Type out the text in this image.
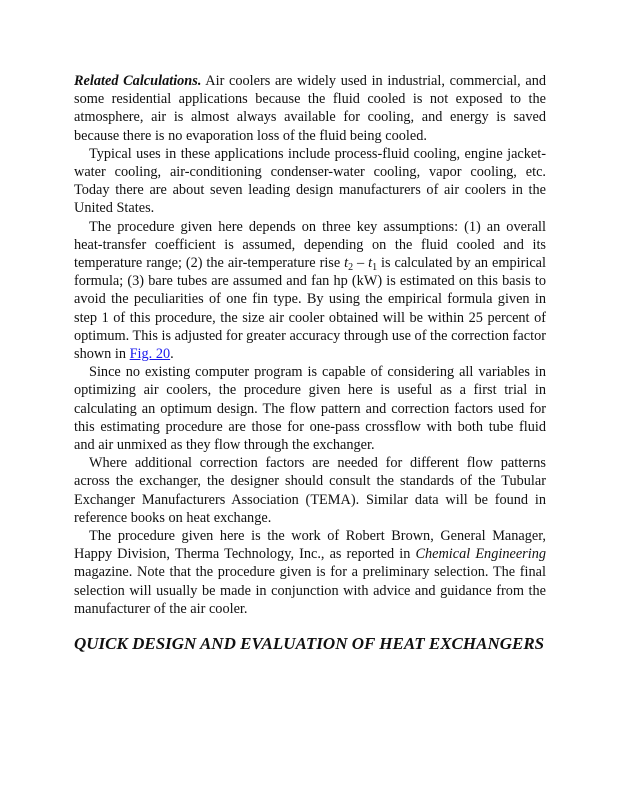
Related Calculations. Air coolers are widely used in industrial, commercial, and some residential applications because the fluid cooled is not exposed to the atmosphere, air is almost always available for cooling, and energy is saved because there is no evaporation loss of the fluid being cooled.

Typical uses in these applications include process-fluid cooling, engine jacket-water cooling, air-conditioning condenser-water cooling, vapor cooling, etc. Today there are about seven leading design manufacturers of air coolers in the United States.

The procedure given here depends on three key assumptions: (1) an overall heat-transfer coefficient is assumed, depending on the fluid cooled and its temperature range; (2) the air-temperature rise $t_2 - t_1$ is calculated by an empirical formula; (3) bare tubes are assumed and fan hp (kW) is estimated on this basis to avoid the peculiarities of one fin type. By using the empirical formula given in step 1 of this procedure, the size air cooler obtained will be within 25 percent of optimum. This is adjusted for greater accuracy through use of the correction factor shown in Fig. 20.

Since no existing computer program is capable of considering all variables in optimizing air coolers, the procedure given here is useful as a first trial in calculating an optimum design. The flow pattern and correction factors used for this estimating procedure are those for one-pass crossflow with both tube fluid and air unmixed as they flow through the exchanger.

Where additional correction factors are needed for different flow patterns across the exchanger, the designer should consult the standards of the Tubular Exchanger Manufacturers Association (TEMA). Similar data will be found in reference books on heat exchange.

The procedure given here is the work of Robert Brown, General Manager, Happy Division, Therma Technology, Inc., as reported in Chemical Engineering magazine. Note that the procedure given is for a preliminary selection. The final selection will usually be made in conjunction with advice and guidance from the manufacturer of the air cooler.

QUICK DESIGN AND EVALUATION OF HEAT EXCHANGERS
